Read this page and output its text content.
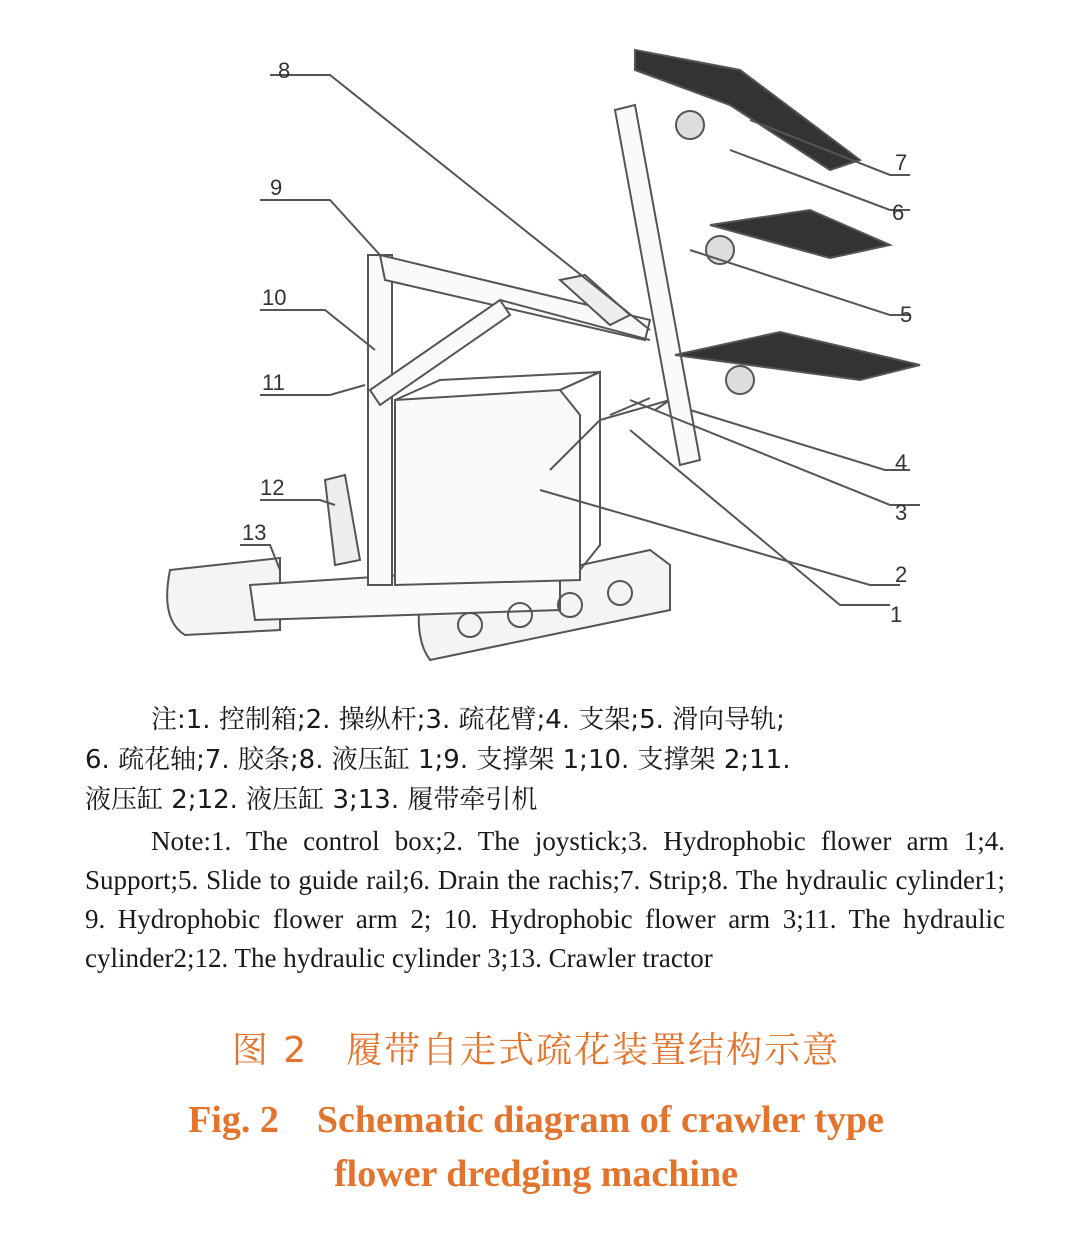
1
2
3
4
5
6
7
8
9
10
11
12
13

注:1. 控制箱;2. 操纵杆;3. 疏花臂;4. 支架;5. 滑向导轨;

6. 疏花轴;7. 胶条;8. 液压缸 1;9. 支撑架 1;10. 支撑架 2;11.

液压缸 2;12. 液压缸 3;13. 履带牵引机

Note:1. The control box;2. The joystick;3. Hydrophobic flower arm 1;4. Support;5. Slide to guide rail;6. Drain the rachis;7. Strip;8. The hydraulic cylinder1; 9. Hydrophobic flower arm 2; 10. Hydrophobic flower arm 3;11. The hydraulic cylinder2;12. The hydraulic cylinder 3;13. Crawler tractor

图 2　履带自走式疏花装置结构示意
Fig. 2　Schematic diagram of crawler type
flower dredging machine
